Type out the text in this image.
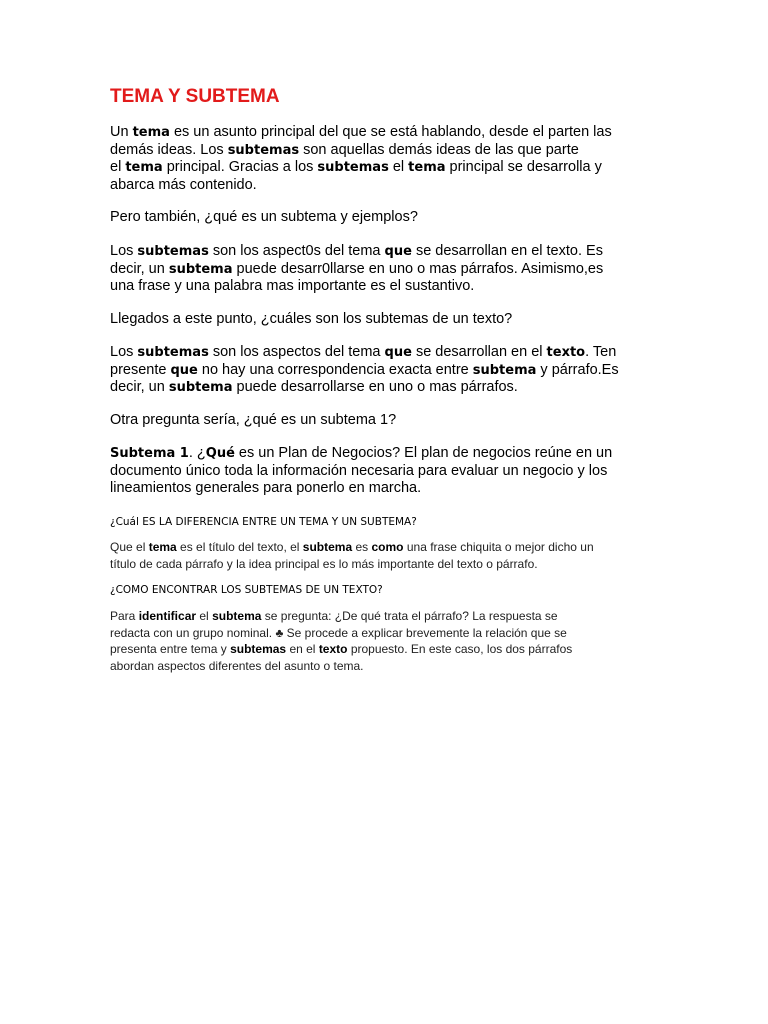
TEMA Y SUBTEMA

Un tema es un asunto principal del que se está hablando, desde el parten las
demás ideas. Los subtemas son aquellas demás ideas de las que parte
el tema principal. Gracias a los subtemas el tema principal se desarrolla y
abarca más contenido.

Pero también, ¿qué es un subtema y ejemplos?

Los subtemas son los aspect0s del tema que se desarrollan en el texto. Es
decir, un subtema puede desarr0llarse en uno o mas párrafos. Asimismo,es
una frase y una palabra mas importante es el sustantivo.

Llegados a este punto, ¿cuáles son los subtemas de un texto?

Los subtemas son los aspectos del tema que se desarrollan en el texto. Ten
presente que no hay una correspondencia exacta entre subtema y párrafo.Es
decir, un subtema puede desarrollarse en uno o mas párrafos.

Otra pregunta sería, ¿qué es un subtema 1?

Subtema 1. ¿Qué es un Plan de Negocios? El plan de negocios reúne en un
documento único toda la información necesaria para evaluar un negocio y los
lineamientos generales para ponerlo en marcha.

¿Cuál ES LA DIFERENCIA ENTRE UN TEMA Y UN SUBTEMA?

Que el tema es el título del texto, el subtema es como una frase chiquita o mejor dicho un
título de cada párrafo y la idea principal es lo más importante del texto o párrafo.

¿COMO ENCONTRAR LOS SUBTEMAS DE UN TEXTO?

Para identificar el subtema se pregunta: ¿De qué trata el párrafo? La respuesta se
redacta con un grupo nominal. ♣ Se procede a explicar brevemente la relación que se
presenta entre tema y subtemas en el texto propuesto. En este caso, los dos párrafos
abordan aspectos diferentes del asunto o tema.
